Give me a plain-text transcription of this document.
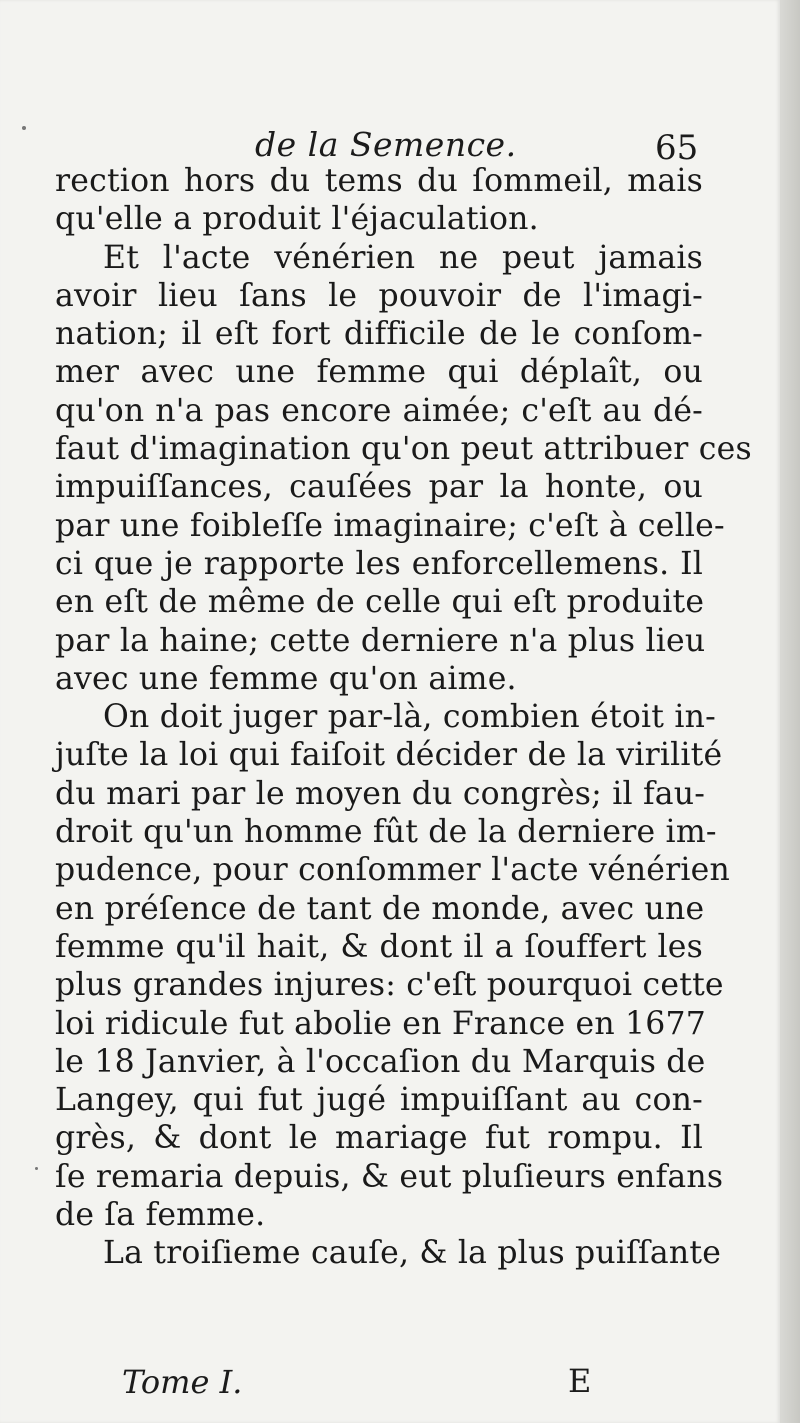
de la Semence.	65
rection hors du tems du ſommeil, mais
qu'elle a produit l'éjaculation.
Et l'acte vénérien ne peut jamais
avoir lieu ſans le pouvoir de l'imagi-
nation; il eſt fort difficile de le conſom-
mer avec une femme qui déplaît, ou
qu'on n'a pas encore aimée; c'eſt au dé-
faut d'imagination qu'on peut attribuer ces
impuiſſances, cauſées par la honte, ou
par une foibleſſe imaginaire; c'eſt à celle-
ci que je rapporte les enforcellemens. Il
en eſt de même de celle qui eſt produite
par la haine; cette derniere n'a plus lieu
avec une femme qu'on aime.
On doit juger par-là, combien étoit in-
juſte la loi qui faiſoit décider de la virilité
du mari par le moyen du congrès; il fau-
droit qu'un homme fût de la derniere im-
pudence, pour conſommer l'acte vénérien
en préſence de tant de monde, avec une
femme qu'il hait, & dont il a ſouffert les
plus grandes injures: c'eſt pourquoi cette
loi ridicule fut abolie en France en 1677
le 18 Janvier, à l'occaſion du Marquis de
Langey, qui fut jugé impuiſſant au con-
grès, & dont le mariage fut rompu. Il
ſe remaria depuis, & eut pluſieurs enfans
de ſa femme.
La troiſieme cauſe, & la plus puiſſante
Tome I.	E
